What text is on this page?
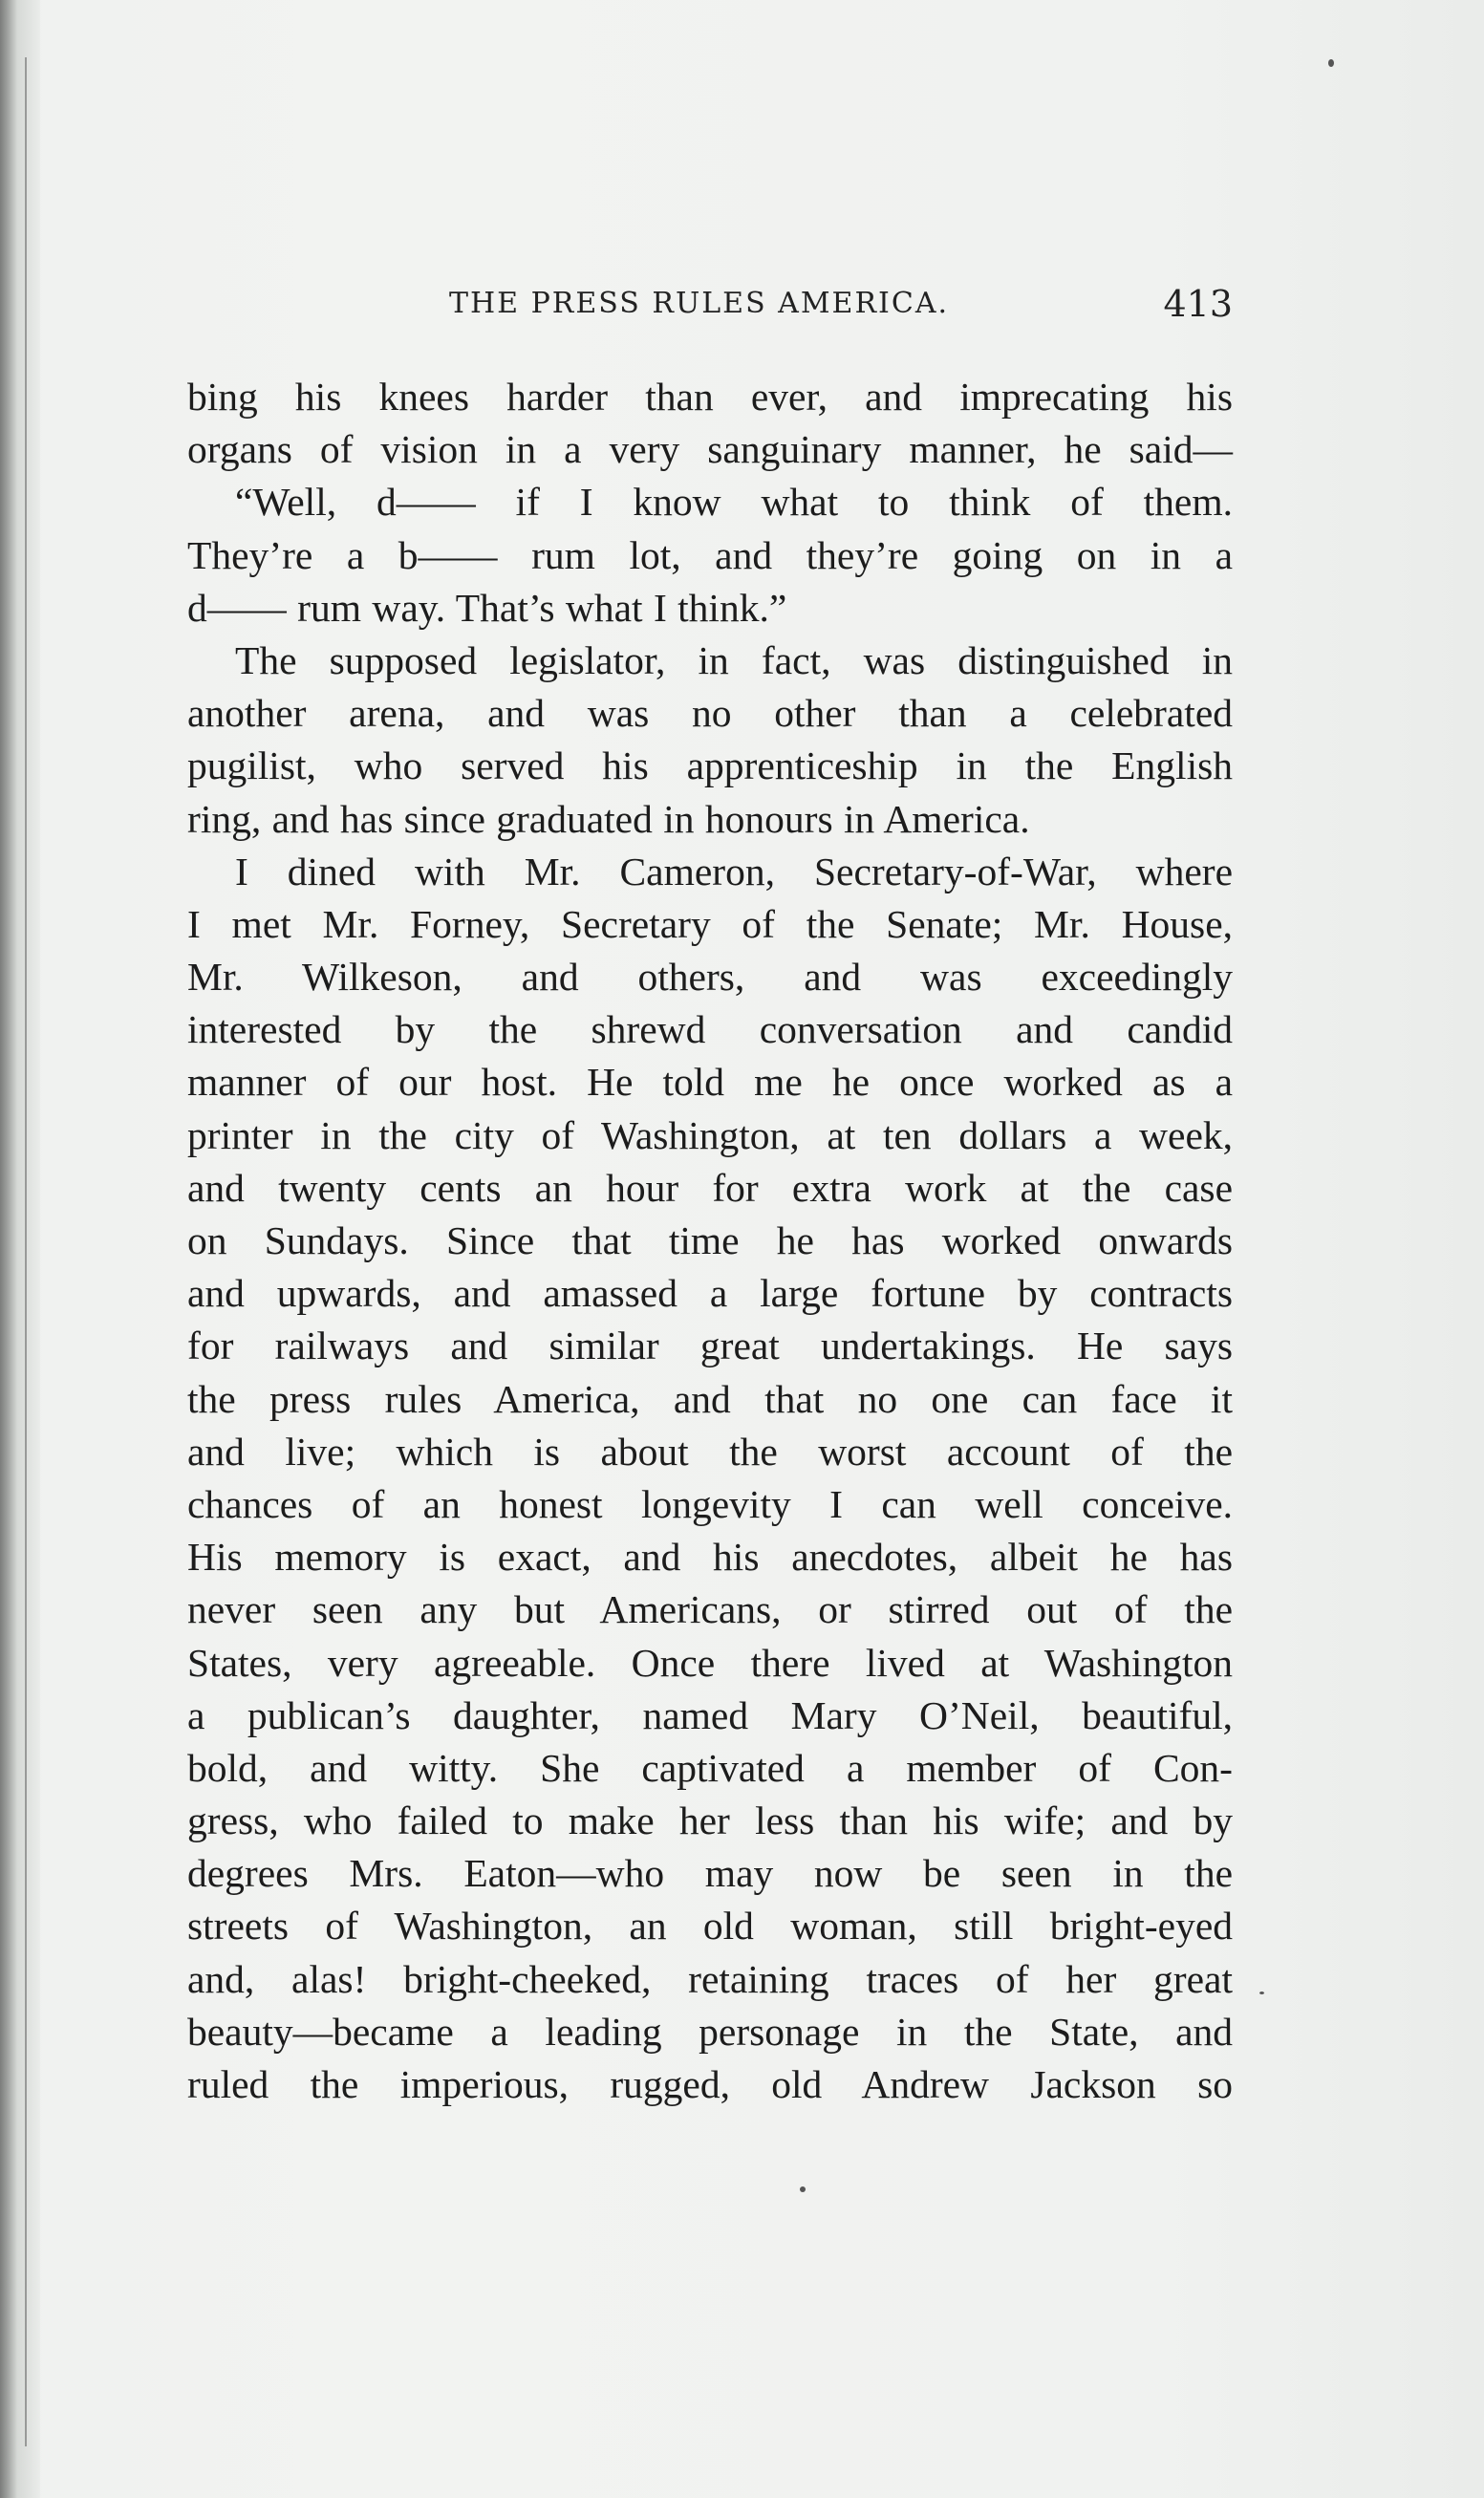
THE PRESS RULES AMERICA.	413
bing his knees harder than ever, and imprecating his
organs of vision in a very sanguinary manner, he said—
“Well, d—— if I know what to think of them.
They’re a b—— rum lot, and they’re going on in a
d—— rum way. That’s what I think.”
The supposed legislator, in fact, was distinguished in
another arena, and was no other than a celebrated
pugilist, who served his apprenticeship in the English
ring, and has since graduated in honours in America.
I dined with Mr. Cameron, Secretary-of-War, where
I met Mr. Forney, Secretary of the Senate; Mr. House,
Mr. Wilkeson, and others, and was exceedingly
interested by the shrewd conversation and candid
manner of our host. He told me he once worked as a
printer in the city of Washington, at ten dollars a week,
and twenty cents an hour for extra work at the case
on Sundays. Since that time he has worked onwards
and upwards, and amassed a large fortune by contracts
for railways and similar great undertakings. He says
the press rules America, and that no one can face it
and live; which is about the worst account of the
chances of an honest longevity I can well conceive.
His memory is exact, and his anecdotes, albeit he has
never seen any but Americans, or stirred out of the
States, very agreeable. Once there lived at Washington
a publican’s daughter, named Mary O’Neil, beautiful,
bold, and witty. She captivated a member of Con-
gress, who failed to make her less than his wife; and by
degrees Mrs. Eaton—who may now be seen in the
streets of Washington, an old woman, still bright-eyed
and, alas! bright-cheeked, retaining traces of her great
beauty—became a leading personage in the State, and
ruled the imperious, rugged, old Andrew Jackson so
